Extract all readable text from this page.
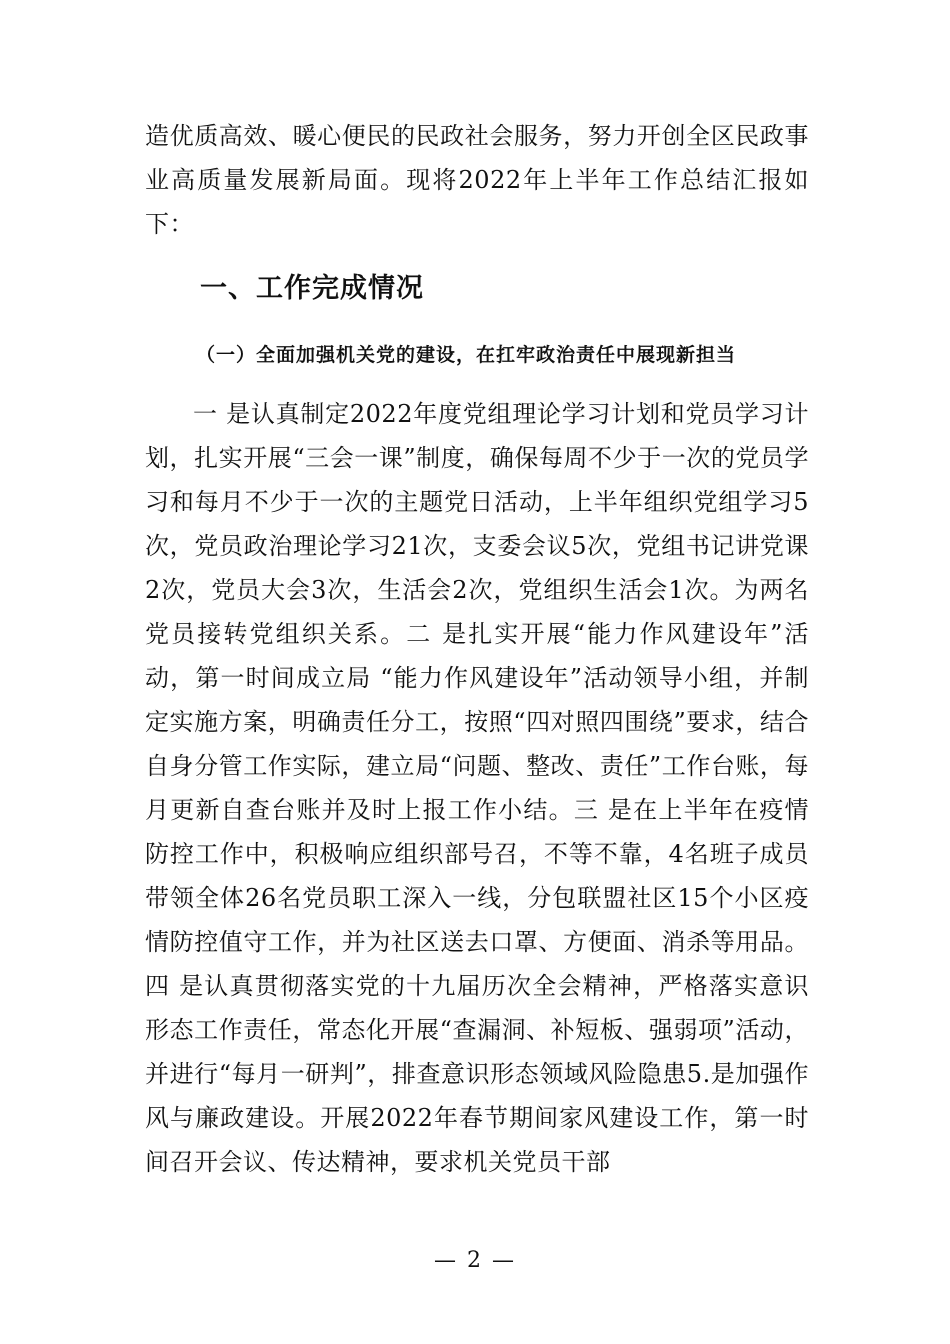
造优质高效、暖心便民的民政社会服务，努力开创全区民政事业高质量发展新局面。现将2022年上半年工作总结汇报如下：

一、工作完成情况
（一）全面加强机关党的建设，在扛牢政治责任中展现新担当

一 是认真制定2022年度党组理论学习计划和党员学习计划，扎实开展“三会一课”制度，确保每周不少于一次的党员学习和每月不少于一次的主题党日活动，上半年组织党组学习5次，党员政治理论学习21次，支委会议5次，党组书记讲党课2次，党员大会3次，生活会2次，党组织生活会1次。为两名党员接转党组织关系。二 是扎实开展“能力作风建设年”活动，第一时间成立局 “能力作风建设年”活动领导小组，并制定实施方案，明确责任分工，按照“四对照四围绕”要求，结合自身分管工作实际，建立局“问题、整改、责任”工作台账，每月更新自查台账并及时上报工作小结。三 是在上半年在疫情防控工作中，积极响应组织部号召，不等不靠，4名班子成员带领全体26名党员职工深入一线，分包联盟社区15个小区疫情防控值守工作，并为社区送去口罩、方便面、消杀等用品。四 是认真贯彻落实党的十九届历次全会精神，严格落实意识形态工作责任，常态化开展“查漏洞、补短板、强弱项”活动，并进行“每月一研判”，排查意识形态领域风险隐患5.是加强作风与廉政建设。开展2022年春节期间家风建设工作，第一时间召开会议、传达精神，要求机关党员干部

— 2 —
